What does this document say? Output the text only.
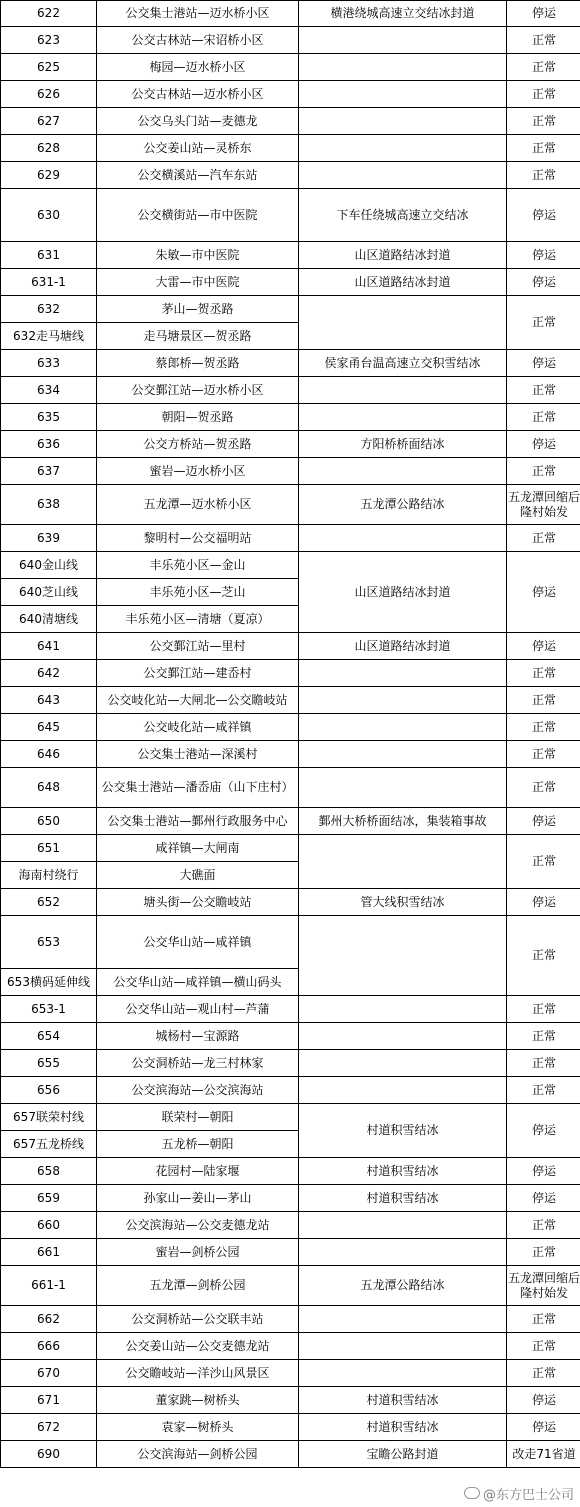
622	公交集士港站—迈水桥小区	横港绕城高速立交结冰封道	停运
623	公交古林站—宋诏桥小区		正常
625	梅园—迈水桥小区		正常
626	公交古林站—迈水桥小区		正常
627	公交乌头门站—麦德龙		正常
628	公交姜山站—灵桥东		正常
629	公交横溪站—汽车东站		正常
630	公交横街站—市中医院	下车任绕城高速立交结冰	停运
631	朱敏—市中医院	山区道路结冰封道	停运
631-1	大雷—市中医院	山区道路结冰封道	停运
632	茅山—贺丞路		正常
632走马塘线	走马塘景区—贺丞路		
633	蔡郎桥—贺丞路	侯家甬台温高速立交积雪结冰	停运
634	公交鄞江站—迈水桥小区		正常
635	朝阳—贺丞路		正常
636	公交方桥站—贺丞路	方阳桥桥面结冰	停运
637	蜜岩—迈水桥小区		正常
638	五龙潭—迈水桥小区	五龙潭公路结冰	五龙潭回缩后隆村始发
639	黎明村—公交福明站		正常
640金山线	丰乐苑小区—金山	山区道路结冰封道	停运
640芝山线	丰乐苑小区—芝山		
640清塘线	丰乐苑小区—清塘（夏凉）		
641	公交鄞江站—里村	山区道路结冰封道	停运
642	公交鄞江站—建岙村		正常
643	公交岐化站—大闸北—公交瞻岐站		正常
645	公交岐化站—咸祥镇		正常
646	公交集士港站—深溪村		正常
648	公交集士港站—潘岙庙（山下庄村）		正常
650	公交集士港站—鄞州行政服务中心	鄞州大桥桥面结冰，集装箱事故	停运
651	咸祥镇—大闸南		正常
海南村绕行	大礁面		
652	塘头街—公交瞻岐站	管大线积雪结冰	停运
653	公交华山站—咸祥镇		正常
653横码延伸线	公交华山站—咸祥镇—横山码头		
653-1	公交华山站—观山村—芦蒲		正常
654	城杨村—宝源路		正常
655	公交洞桥站—龙三村林家		正常
656	公交滨海站—公交滨海站		正常
657联荣村线	联荣村—朝阳	村道积雪结冰	停运
657五龙桥线	五龙桥—朝阳		
658	花园村—陆家堰	村道积雪结冰	停运
659	孙家山—姜山—茅山	村道积雪结冰	停运
660	公交滨海站—公交麦德龙站		正常
661	蜜岩—剑桥公园		正常
661-1	五龙潭—剑桥公园	五龙潭公路结冰	五龙潭回缩后隆村始发
662	公交洞桥站—公交联丰站		正常
666	公交姜山站—公交麦德龙站		正常
670	公交瞻岐站—洋沙山风景区		正常
671	董家跳—树桥头	村道积雪结冰	停运
672	袁家—树桥头	村道积雪结冰	停运
690	公交滨海站—剑桥公园	宝瞻公路封道	改走71省道
@东方巴士公司
